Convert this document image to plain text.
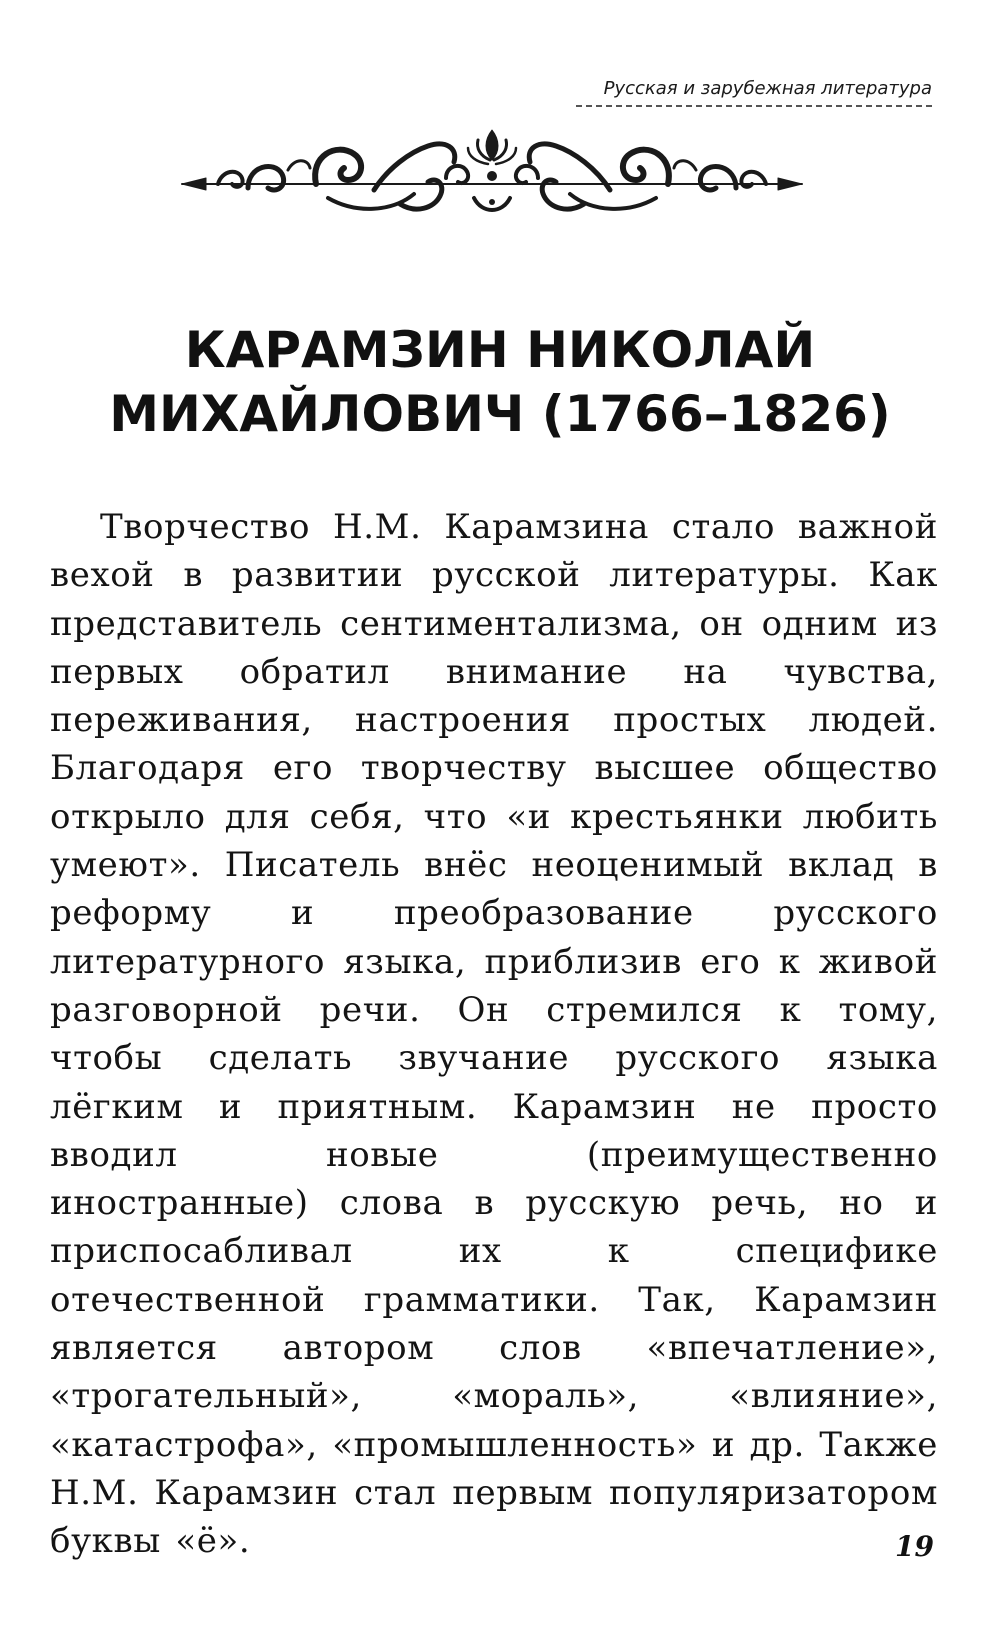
Русская и зарубежная литература
КАРАМЗИН НИКОЛАЙ МИХАЙЛОВИЧ (1766–1826)

Творчество Н.М. Карамзина стало важной вехой в развитии русской литературы. Как представитель сентиментализма, он одним из первых обратил внимание на чувства, переживания, настроения простых людей. Благодаря его творчеству высшее общество открыло для себя, что «и крестьянки любить умеют». Писатель внёс неоценимый вклад в реформу и преобразование русского литературного языка, приблизив его к живой разговорной речи. Он стремился к тому, чтобы сделать звучание русского языка лёгким и приятным. Карамзин не просто вводил новые (преимущественно иностранные) слова в русскую речь, но и приспосабливал их к специфике отечественной грамматики. Так, Карамзин является автором слов «впечатление», «трогательный», «мораль», «влияние», «катастрофа», «промышленность» и др. Также Н.М. Карамзин стал первым популяризатором буквы «ё».	19
